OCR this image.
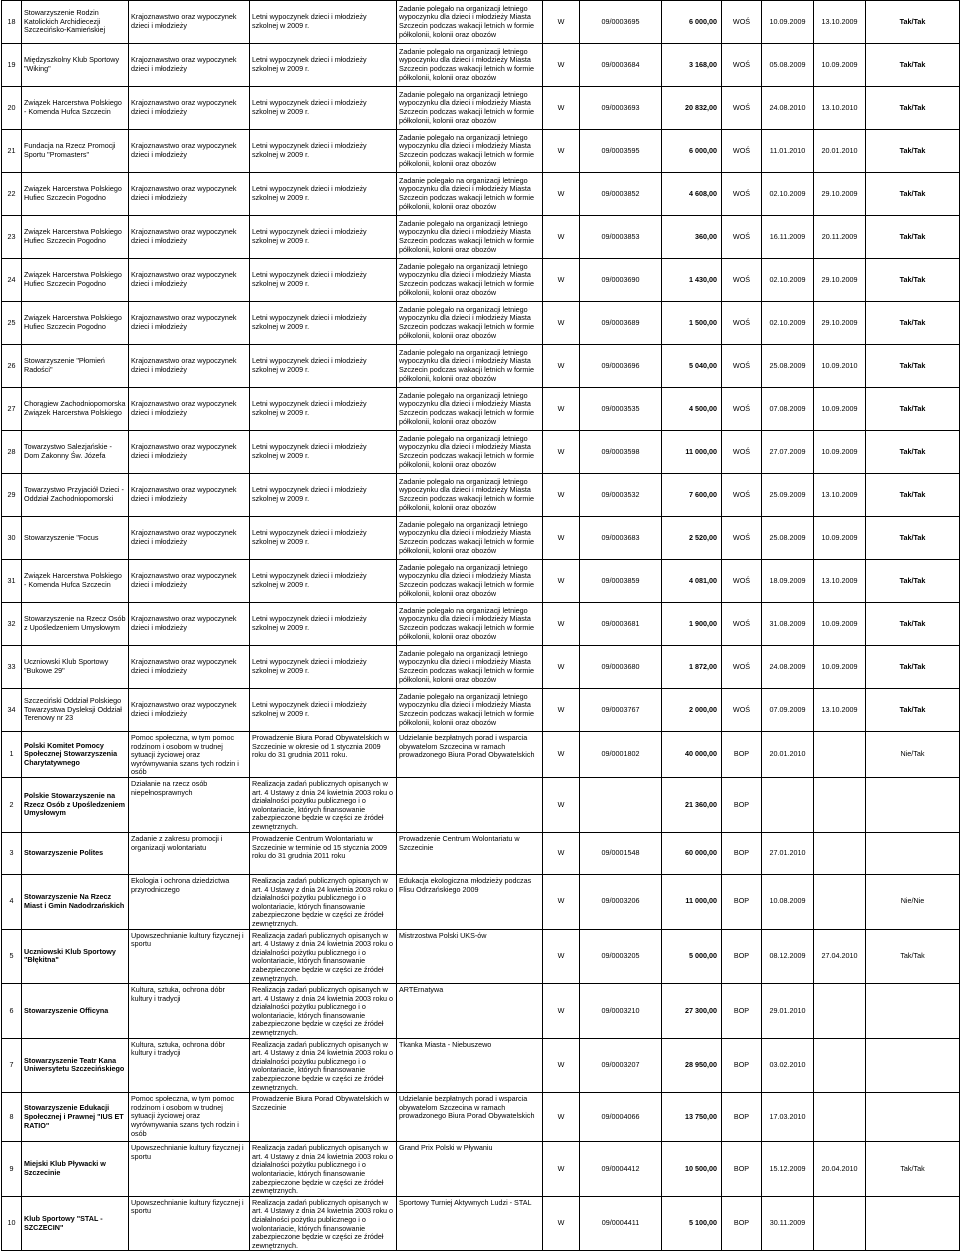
18	Stowarzyszenie Rodzin Katolickich Archidiecezji Szczecińsko-Kamieńskiej	Krajoznawstwo oraz wypoczynek dzieci i młodzieży	Letni wypoczynek dzieci i młodzieży szkolnej w 2009 r.	Zadanie polegało na organizacji letniego wypoczynku dla dzieci i młodzieży Miasta Szczecin podczas wakacji letnich w formie półkolonii, kolonii oraz obozów	W	09/0003695	6 000,00	WOŚ	10.09.2009	13.10.2009	Tak/Tak
19	Międzyszkolny Klub Sportowy "Wiking"	Krajoznawstwo oraz wypoczynek dzieci i młodzieży	Letni wypoczynek dzieci i młodzieży szkolnej w 2009 r.	Zadanie polegało na organizacji letniego wypoczynku dla dzieci i młodzieży Miasta Szczecin podczas wakacji letnich w formie półkolonii, kolonii oraz obozów	W	09/0003684	3 168,00	WOŚ	05.08.2009	10.09.2009	Tak/Tak
20	Związek Harcerstwa Polskiego - Komenda Hufca Szczecin	Krajoznawstwo oraz wypoczynek dzieci i młodzieży	Letni wypoczynek dzieci i młodzieży szkolnej w 2009 r.	Zadanie polegało na organizacji letniego wypoczynku dla dzieci i młodzieży Miasta Szczecin podczas wakacji letnich w formie półkolonii, kolonii oraz obozów	W	09/0003693	20 832,00	WOŚ	24.08.2010	13.10.2010	Tak/Tak
21	Fundacja na Rzecz Promocji Sportu "Promasters"	Krajoznawstwo oraz wypoczynek dzieci i młodzieży	Letni wypoczynek dzieci i młodzieży szkolnej w 2009 r.	Zadanie polegało na organizacji letniego wypoczynku dla dzieci i młodzieży Miasta Szczecin podczas wakacji letnich w formie półkolonii, kolonii oraz obozów	W	09/0003595	6 000,00	WOŚ	11.01.2010	20.01.2010	Tak/Tak
22	Związek Harcerstwa Polskiego Hufiec Szczecin Pogodno	Krajoznawstwo oraz wypoczynek dzieci i młodzieży	Letni wypoczynek dzieci i młodzieży szkolnej w 2009 r.	Zadanie polegało na organizacji letniego wypoczynku dla dzieci i młodzieży Miasta Szczecin podczas wakacji letnich w formie półkolonii, kolonii oraz obozów	W	09/0003852	4 608,00	WOŚ	02.10.2009	29.10.2009	Tak/Tak
23	Związek Harcerstwa Polskiego Hufiec Szczecin Pogodno	Krajoznawstwo oraz wypoczynek dzieci i młodzieży	Letni wypoczynek dzieci i młodzieży szkolnej w 2009 r.	Zadanie polegało na organizacji letniego wypoczynku dla dzieci i młodzieży Miasta Szczecin podczas wakacji letnich w formie półkolonii, kolonii oraz obozów	W	09/0003853	360,00	WOŚ	16.11.2009	20.11.2009	Tak/Tak
24	Związek Harcerstwa Polskiego Hufiec Szczecin Pogodno	Krajoznawstwo oraz wypoczynek dzieci i młodzieży	Letni wypoczynek dzieci i młodzieży szkolnej w 2009 r.	Zadanie polegało na organizacji letniego wypoczynku dla dzieci i młodzieży Miasta Szczecin podczas wakacji letnich w formie półkolonii, kolonii oraz obozów	W	09/0003690	1 430,00	WOŚ	02.10.2009	29.10.2009	Tak/Tak
25	Związek Harcerstwa Polskiego Hufiec Szczecin Pogodno	Krajoznawstwo oraz wypoczynek dzieci i młodzieży	Letni wypoczynek dzieci i młodzieży szkolnej w 2009 r.	Zadanie polegało na organizacji letniego wypoczynku dla dzieci i młodzieży Miasta Szczecin podczas wakacji letnich w formie półkolonii, kolonii oraz obozów	W	09/0003689	1 500,00	WOŚ	02.10.2009	29.10.2009	Tak/Tak
26	Stowarzyszenie "Płomień Radości"	Krajoznawstwo oraz wypoczynek dzieci i młodzieży	Letni wypoczynek dzieci i młodzieży szkolnej w 2009 r.	Zadanie polegało na organizacji letniego wypoczynku dla dzieci i młodzieży Miasta Szczecin podczas wakacji letnich w formie półkolonii, kolonii oraz obozów	W	09/0003696	5 040,00	WOŚ	25.08.2009	10.09.2010	Tak/Tak
27	Chorągiew Zachodniopomorska Związek Harcerstwa Polskiego	Krajoznawstwo oraz wypoczynek dzieci i młodzieży	Letni wypoczynek dzieci i młodzieży szkolnej w 2009 r.	Zadanie polegało na organizacji letniego wypoczynku dla dzieci i młodzieży Miasta Szczecin podczas wakacji letnich w formie półkolonii, kolonii oraz obozów	W	09/0003535	4 500,00	WOŚ	07.08.2009	10.09.2009	Tak/Tak
28	Towarzystwo Salezjańskie - Dom Zakonny Św. Józefa	Krajoznawstwo oraz wypoczynek dzieci i młodzieży	Letni wypoczynek dzieci i młodzieży szkolnej w 2009 r.	Zadanie polegało na organizacji letniego wypoczynku dla dzieci i młodzieży Miasta Szczecin podczas wakacji letnich w formie półkolonii, kolonii oraz obozów	W	09/0003598	11 000,00	WOŚ	27.07.2009	10.09.2009	Tak/Tak
29	Towarzystwo Przyjaciół Dzieci - Oddział Zachodniopomorski	Krajoznawstwo oraz wypoczynek dzieci i młodzieży	Letni wypoczynek dzieci i młodzieży szkolnej w 2009 r.	Zadanie polegało na organizacji letniego wypoczynku dla dzieci i młodzieży Miasta Szczecin podczas wakacji letnich w formie półkolonii, kolonii oraz obozów	W	09/0003532	7 600,00	WOŚ	25.09.2009	13.10.2009	Tak/Tak
30	Stowarzyszenie "Focus	Krajoznawstwo oraz wypoczynek dzieci i młodzieży	Letni wypoczynek dzieci i młodzieży szkolnej w 2009 r.	Zadanie polegało na organizacji letniego wypoczynku dla dzieci i młodzieży Miasta Szczecin podczas wakacji letnich w formie półkolonii, kolonii oraz obozów	W	09/0003683	2 520,00	WOŚ	25.08.2009	10.09.2009	Tak/Tak
31	Związek Harcerstwa Polskiego - Komenda Hufca Szczecin	Krajoznawstwo oraz wypoczynek dzieci i młodzieży	Letni wypoczynek dzieci i młodzieży szkolnej w 2009 r.	Zadanie polegało na organizacji letniego wypoczynku dla dzieci i młodzieży Miasta Szczecin podczas wakacji letnich w formie półkolonii, kolonii oraz obozów	W	09/0003859	4 081,00	WOŚ	18.09.2009	13.10.2009	Tak/Tak
32	Stowarzyszenie na Rzecz Osób z Upośledzeniem Umysłowym	Krajoznawstwo oraz wypoczynek dzieci i młodzieży	Letni wypoczynek dzieci i młodzieży szkolnej w 2009 r.	Zadanie polegało na organizacji letniego wypoczynku dla dzieci i młodzieży Miasta Szczecin podczas wakacji letnich w formie półkolonii, kolonii oraz obozów	W	09/0003681	1 900,00	WOŚ	31.08.2009	10.09.2009	Tak/Tak
33	Uczniowski Klub Sportowy "Bukowe 29"	Krajoznawstwo oraz wypoczynek dzieci i młodzieży	Letni wypoczynek dzieci i młodzieży szkolnej w 2009 r.	Zadanie polegało na organizacji letniego wypoczynku dla dzieci i młodzieży Miasta Szczecin podczas wakacji letnich w formie półkolonii, kolonii oraz obozów	W	09/0003680	1 872,00	WOŚ	24.08.2009	10.09.2009	Tak/Tak
34	Szczeciński Oddział Polskiego Towarzystwa Dysleksji Oddział Terenowy nr 23	Krajoznawstwo oraz wypoczynek dzieci i młodzieży	Letni wypoczynek dzieci i młodzieży szkolnej w 2009 r.	Zadanie polegało na organizacji letniego wypoczynku dla dzieci i młodzieży Miasta Szczecin podczas wakacji letnich w formie półkolonii, kolonii oraz obozów	W	09/0003767	2 000,00	WOŚ	07.09.2009	13.10.2009	Tak/Tak
1	Polski Komitet Pomocy Społecznej Stowarzyszenia Charytatywnego	Pomoc społeczna, w tym pomoc rodzinom i osobom w trudnej sytuacji życiowej oraz wyrównywania szans tych rodzin i osób	Prowadzenie Biura Porad Obywatelskich w Szczecinie w okresie od 1 stycznia 2009 roku do 31 grudnia 2011 roku.	Udzielanie bezpłatnych porad i wsparcia obywatelom Szczecina w ramach prowadzonego Biura Porad Obywatelskich	W	09/0001802	40 000,00	BOP	20.01.2010		Nie/Tak
2	Polskie Stowarzyszenie na Rzecz Osób z Upośledzeniem Umysłowym	Działanie na rzecz osób niepełnosprawnych	Realizacja zadań publicznych opisanych w art. 4 Ustawy z dnia 24 kwietnia 2003 roku o działalności pożytku publicznego i o wolontariacie, których finansowanie zabezpieczone będzie w części ze źródeł zewnętrznych.		W		21 360,00	BOP			
3	Stowarzyszenie Polites	Zadanie z zakresu promocji i organizacji wolontariatu	Prowadzenie Centrum Wolontariatu w Szczecinie w terminie od 15 stycznia 2009 roku do 31 grudnia 2011 roku	Prowadzenie Centrum Wolontariatu w Szczecinie	W	09/0001548	60 000,00	BOP	27.01.2010		
4	Stowarzyszenie Na Rzecz Miast i Gmin Nadodrzańskich	Ekologia i ochrona dziedzictwa przyrodniczego	Realizacja zadań publicznych opisanych w art. 4 Ustawy z dnia 24 kwietnia 2003 roku o działalności pożytku publicznego i o wolontariacie, których finansowanie zabezpieczone będzie w części ze źródeł zewnętrznych.	Edukacja ekologiczna młodzieży podczas Flisu Odrzańskiego 2009	W	09/0003206	11 000,00	BOP	10.08.2009		Nie/Nie
5	Uczniowski Klub Sportowy "Błękitna"	Upowszechnianie kultury fizycznej i sportu	Realizacja zadań publicznych opisanych w art. 4 Ustawy z dnia 24 kwietnia 2003 roku o działalności pożytku publicznego i o wolontariacie, których finansowanie zabezpieczone będzie w części ze źródeł zewnętrznych.	Mistrzostwa Polski UKS-ów	W	09/0003205	5 000,00	BOP	08.12.2009	27.04.2010	Tak/Tak
6	Stowarzyszenie Officyna	Kultura, sztuka, ochrona dóbr kultury i tradycji	Realizacja zadań publicznych opisanych w art. 4 Ustawy z dnia 24 kwietnia 2003 roku o działalności pożytku publicznego i o wolontariacie, których finansowanie zabezpieczone będzie w części ze źródeł zewnętrznych.	ARTErnatywa	W	09/0003210	27 300,00	BOP	29.01.2010		
7	Stowarzyszenie Teatr Kana Uniwersytetu Szczecińskiego	Kultura, sztuka, ochrona dóbr kultury i tradycji	Realizacja zadań publicznych opisanych w art. 4 Ustawy z dnia 24 kwietnia 2003 roku o działalności pożytku publicznego i o wolontariacie, których finansowanie zabezpieczone będzie w części ze źródeł zewnętrznych.	Tkanka Miasta - Niebuszewo	W	09/0003207	28 950,00	BOP	03.02.2010		
8	Stowarzyszenie Edukacji Społecznej i Prawnej "IUS ET RATIO"	Pomoc społeczna, w tym pomoc rodzinom i osobom w trudnej sytuacji życiowej oraz wyrównywania szans tych rodzin i osób	Prowadzenie Biura Porad Obywatelskich w Szczecinie	Udzielanie bezpłatnych porad i wsparcia obywatelom Szczecina w ramach prowadzonego Biura Porad Obywatelskich	W	09/0004066	13 750,00	BOP	17.03.2010		
9	Miejski Klub Pływacki w Szczecinie	Upowszechnianie kultury fizycznej i sportu	Realizacja zadań publicznych opisanych w art. 4 Ustawy z dnia 24 kwietnia 2003 roku o działalności pożytku publicznego i o wolontariacie, których finansowanie zabezpieczone będzie w części ze źródeł zewnętrznych.	Grand Prix Polski w Pływaniu	W	09/0004412	10 500,00	BOP	15.12.2009	20.04.2010	Tak/Tak
10	Klub Sportowy "STAL - SZCZECIN"	Upowszechnianie kultury fizycznej i sportu	Realizacja zadań publicznych opisanych w art. 4 Ustawy z dnia 24 kwietnia 2003 roku o działalności pożytku publicznego i o wolontariacie, których finansowanie zabezpieczone będzie w części ze źródeł zewnętrznych.	Sportowy Turniej Aktywnych Ludzi - STAL	W	09/0004411	5 100,00	BOP	30.11.2009		
